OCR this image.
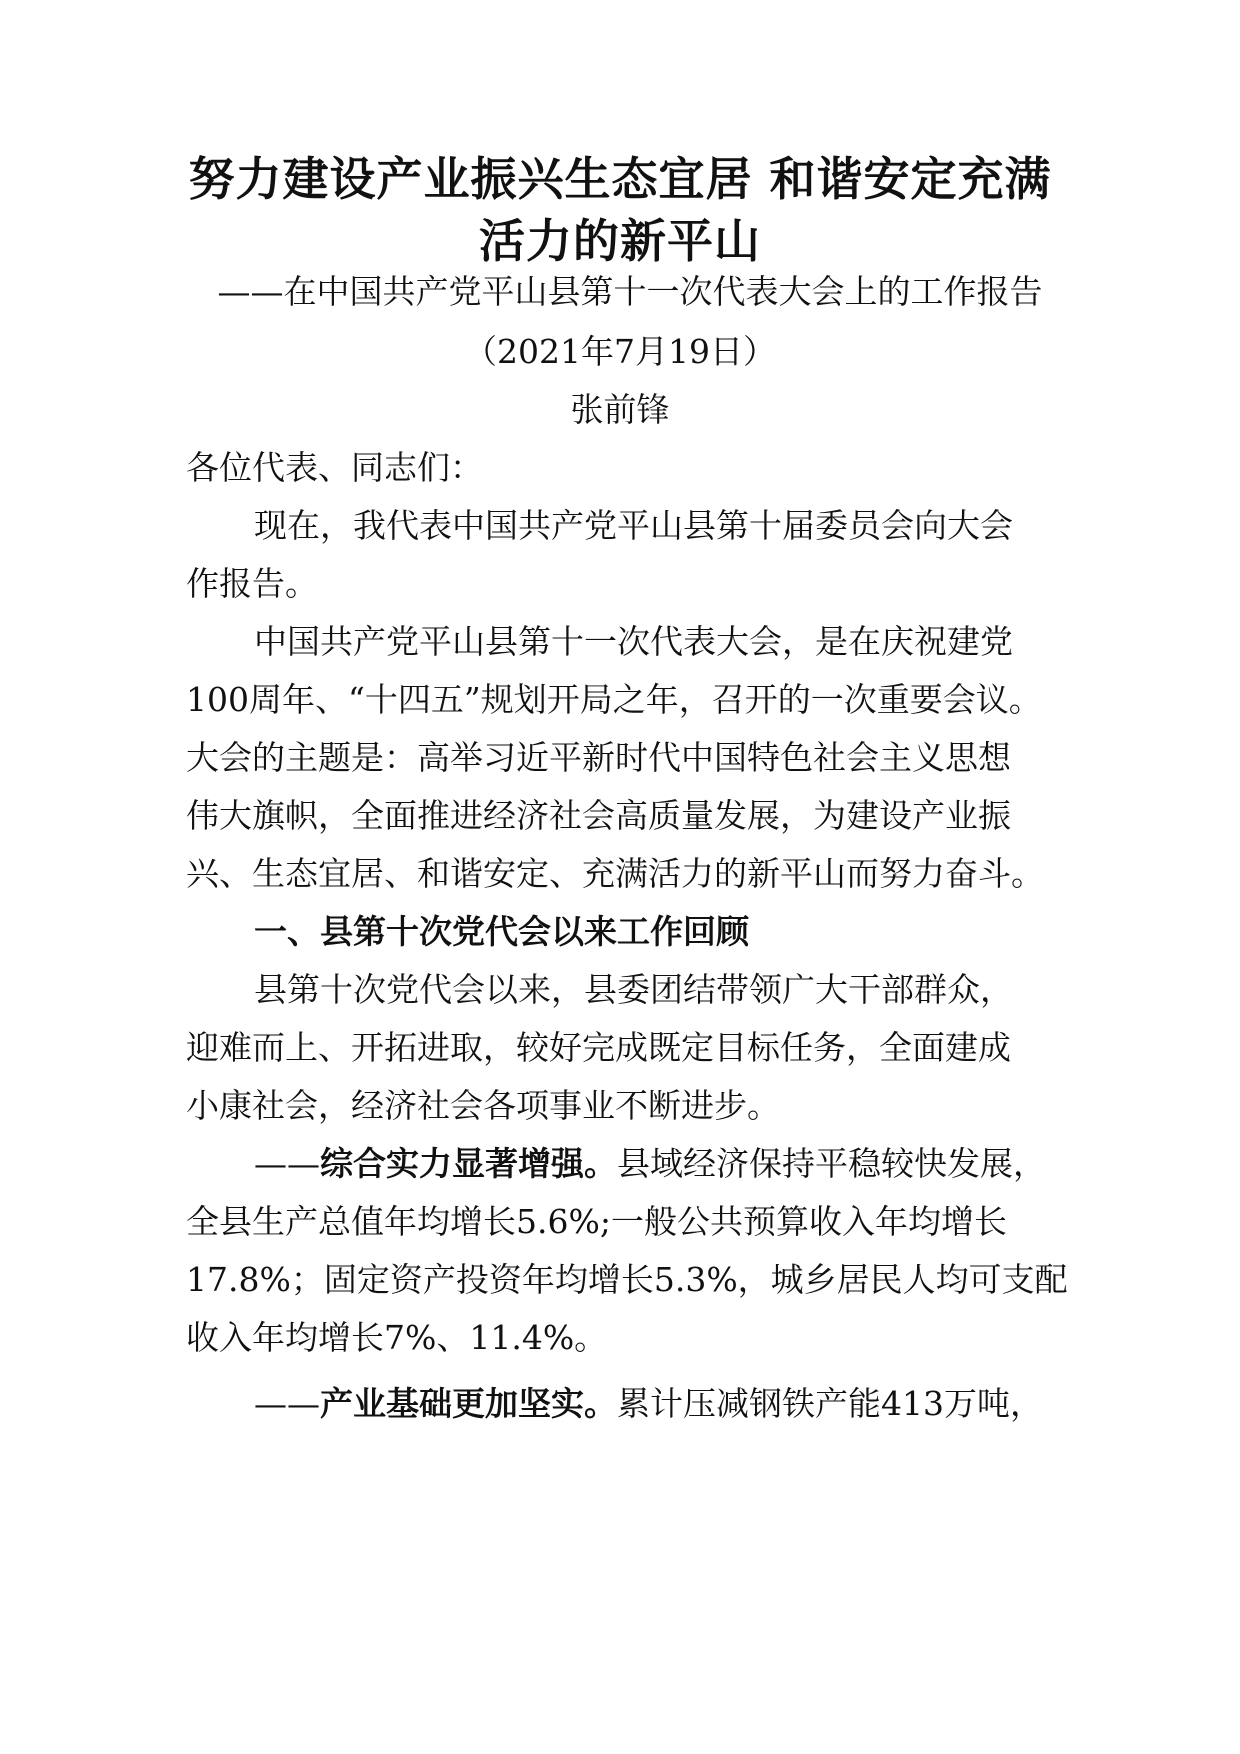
努力建设产业振兴生态宜居 和谐安定充满
活力的新平山
——在中国共产党平山县第十一次代表大会上的工作报告
（2021年7月19日）
张前锋
各位代表、同志们：
现在，我代表中国共产党平山县第十届委员会向大会
作报告。
中国共产党平山县第十一次代表大会，是在庆祝建党
100周年、“十四五”规划开局之年，召开的一次重要会议。
大会的主题是：高举习近平新时代中国特色社会主义思想
伟大旗帜，全面推进经济社会高质量发展，为建设产业振
兴、生态宜居、和谐安定、充满活力的新平山而努力奋斗。
一、县第十次党代会以来工作回顾
县第十次党代会以来，县委团结带领广大干部群众，
迎难而上、开拓进取，较好完成既定目标任务，全面建成
小康社会，经济社会各项事业不断进步。
——综合实力显著增强。县域经济保持平稳较快发展，
全县生产总值年均增长5.6%;一般公共预算收入年均增长
17.8%；固定资产投资年均增长5.3%，城乡居民人均可支配
收入年均增长7%、11.4%。
——产业基础更加坚实。累计压减钢铁产能413万吨，
